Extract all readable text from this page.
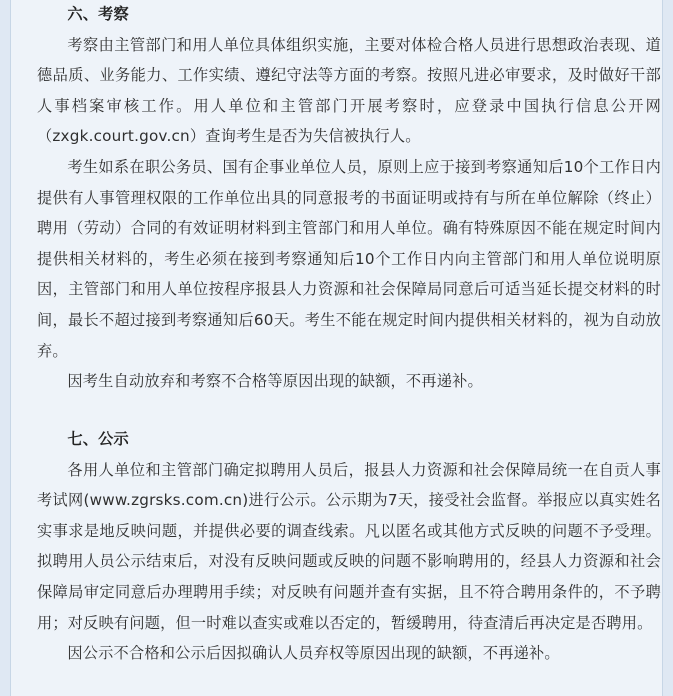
六、考察

考察由主管部门和用人单位具体组织实施，主要对体检合格人员进行思想政治表现、道德品质、业务能力、工作实绩、遵纪守法等方面的考察。按照凡进必审要求，及时做好干部人事档案审核工作。用人单位和主管部门开展考察时，应登录中国执行信息公开网（zxgk.court.gov.cn）查询考生是否为失信被执行人。

考生如系在职公务员、国有企事业单位人员，原则上应于接到考察通知后10个工作日内提供有人事管理权限的工作单位出具的同意报考的书面证明或持有与所在单位解除（终止）聘用（劳动）合同的有效证明材料到主管部门和用人单位。确有特殊原因不能在规定时间内提供相关材料的，考生必须在接到考察通知后10个工作日内向主管部门和用人单位说明原因，主管部门和用人单位按程序报县人力资源和社会保障局同意后可适当延长提交材料的时间，最长不超过接到考察通知后60天。考生不能在规定时间内提供相关材料的，视为自动放弃。

因考生自动放弃和考察不合格等原因出现的缺额，不再递补。

七、公示

各用人单位和主管部门确定拟聘用人员后，报县人力资源和社会保障局统一在自贡人事考试网(www.zgrsks.com.cn)进行公示。公示期为7天，接受社会监督。举报应以真实姓名实事求是地反映问题，并提供必要的调查线索。凡以匿名或其他方式反映的问题不予受理。拟聘用人员公示结束后，对没有反映问题或反映的问题不影响聘用的，经县人力资源和社会保障局审定同意后办理聘用手续；对反映有问题并查有实据，且不符合聘用条件的，不予聘用；对反映有问题，但一时难以查实或难以否定的，暂缓聘用，待查清后再决定是否聘用。

因公示不合格和公示后因拟确认人员弃权等原因出现的缺额，不再递补。
